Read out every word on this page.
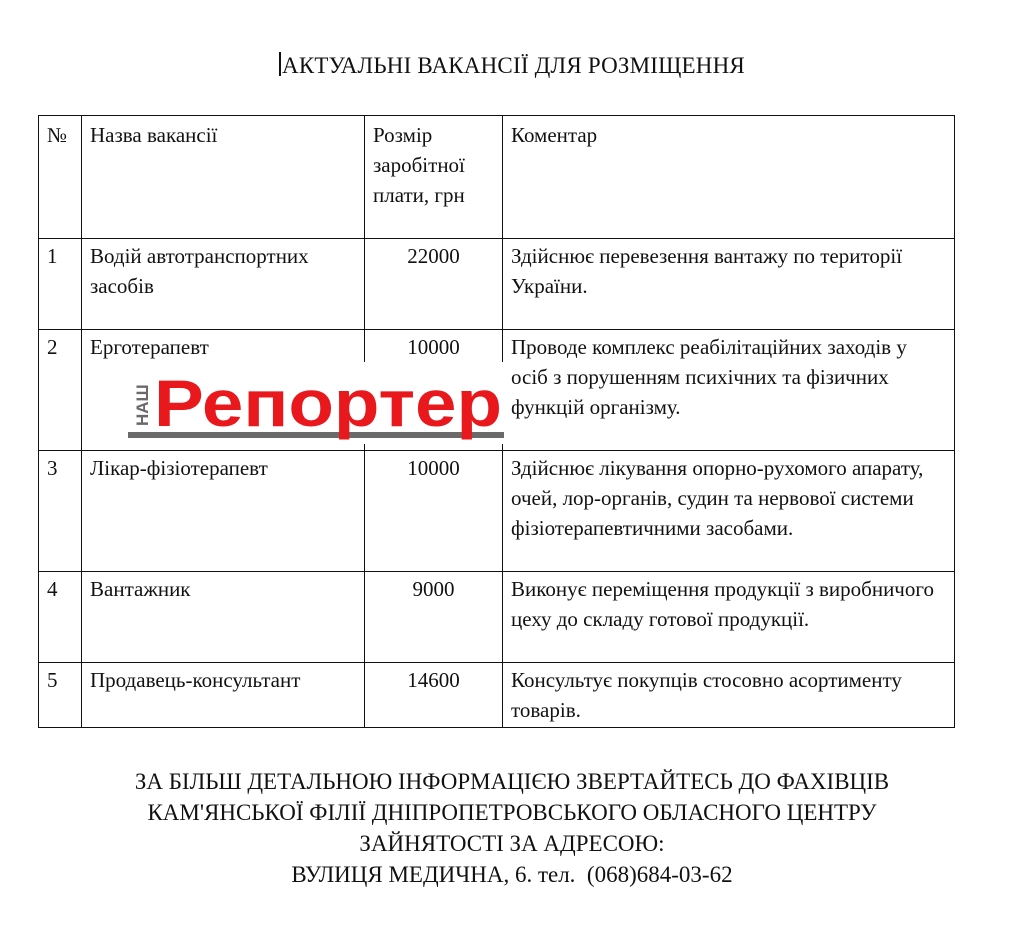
АКТУАЛЬНІ ВАКАНСІЇ ДЛЯ РОЗМІЩЕННЯ
№	Назва вакансії	Розмір заробітної плати, грн	Коментар
1	Водій автотранспортних засобів	22000	Здійснює перевезення вантажу по території України.
2	Ерготерапевт	10000	Проводе комплекс реабілітаційних заходів у осіб з порушенням психічних та фізичних функцій організму.
3	Лікар-фізіотерапевт	10000	Здійснює лікування опорно-рухомого апарату, очей, лор-органів, судин та нервової системи фізіотерапевтичними засобами.
4	Вантажник	9000	Виконує переміщення продукції з виробничого цеху до складу готової продукції.
5	Продавець-консультант	14600	Консультує покупців стосовно асортименту товарів.
НАШ Репортер
ЗА БІЛЬШ ДЕТАЛЬНОЮ ІНФОРМАЦІЄЮ ЗВЕРТАЙТЕСЬ ДО ФАХІВЦІВ
КАМ'ЯНСЬКОЇ ФІЛІЇ ДНІПРОПЕТРОВСЬКОГО ОБЛАСНОГО ЦЕНТРУ
ЗАЙНЯТОСТІ ЗА АДРЕСОЮ:
ВУЛИЦЯ МЕДИЧНА, 6. тел.  (068)684-03-62
